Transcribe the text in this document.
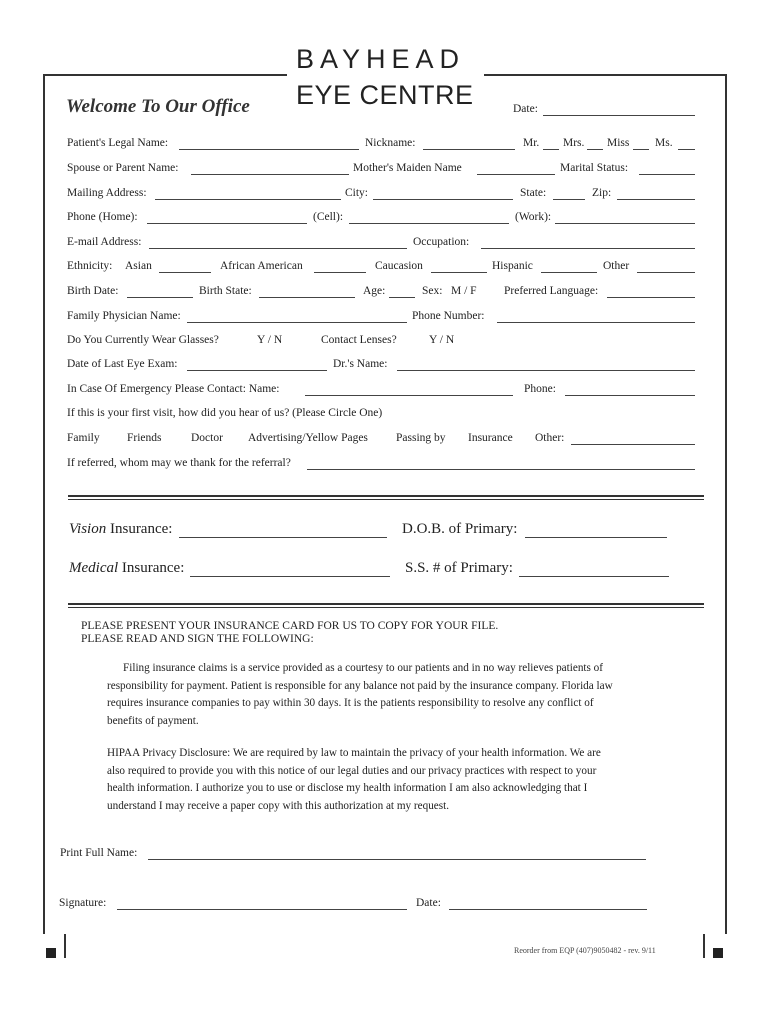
BAYHEAD
EYE CENTRE
Welcome To Our Office	Date:
Patient's Legal Name:	Nickname:	Mr. Mrs. Miss Ms.
Spouse or Parent Name:	Mother's Maiden Name	Marital Status:
Mailing Address:	City:	State:	Zip:
Phone (Home):	(Cell):	(Work):
E-mail Address:	Occupation:
Ethnicity: Asian	African American	Caucasion	Hispanic	Other
Birth Date:	Birth State:	Age:	Sex: M / F Preferred Language:
Family Physician Name:	Phone Number:
Do You Currently Wear Glasses?	Y / N	Contact Lenses?	Y / N
Date of Last Eye Exam:	Dr.'s Name:
In Case Of Emergency Please Contact: Name:	Phone:
If this is your first visit, how did you hear of us? (Please Circle One)
Family Friends	Doctor Advertising/Yellow Pages Passing by Insurance Other:
If referred, whom may we thank for the referral?
Vision Insurance:	D.O.B. of Primary:
Medical Insurance:	S.S. # of Primary:
PLEASE PRESENT YOUR INSURANCE CARD FOR US TO COPY FOR YOUR FILE.
PLEASE READ AND SIGN THE FOLLOWING:
Filing insurance claims is a service provided as a courtesy to our patients and in no way relieves patients of
responsibility for payment. Patient is responsible for any balance not paid by the insurance company. Florida law
requires insurance companies to pay within 30 days. It is the patients responsibility to resolve any conflict of
benefits of payment.
HIPAA Privacy Disclosure: We are required by law to maintain the privacy of your health information. We are
also required to provide you with this notice of our legal duties and our privacy practices with respect to your
health information. I authorize you to use or disclose my health information I am also acknowledging that I
understand I may receive a paper copy with this authorization at my request.
Print Full Name:
Signature:	Date:
Reorder from EQP (407)9050482 - rev. 9/11
